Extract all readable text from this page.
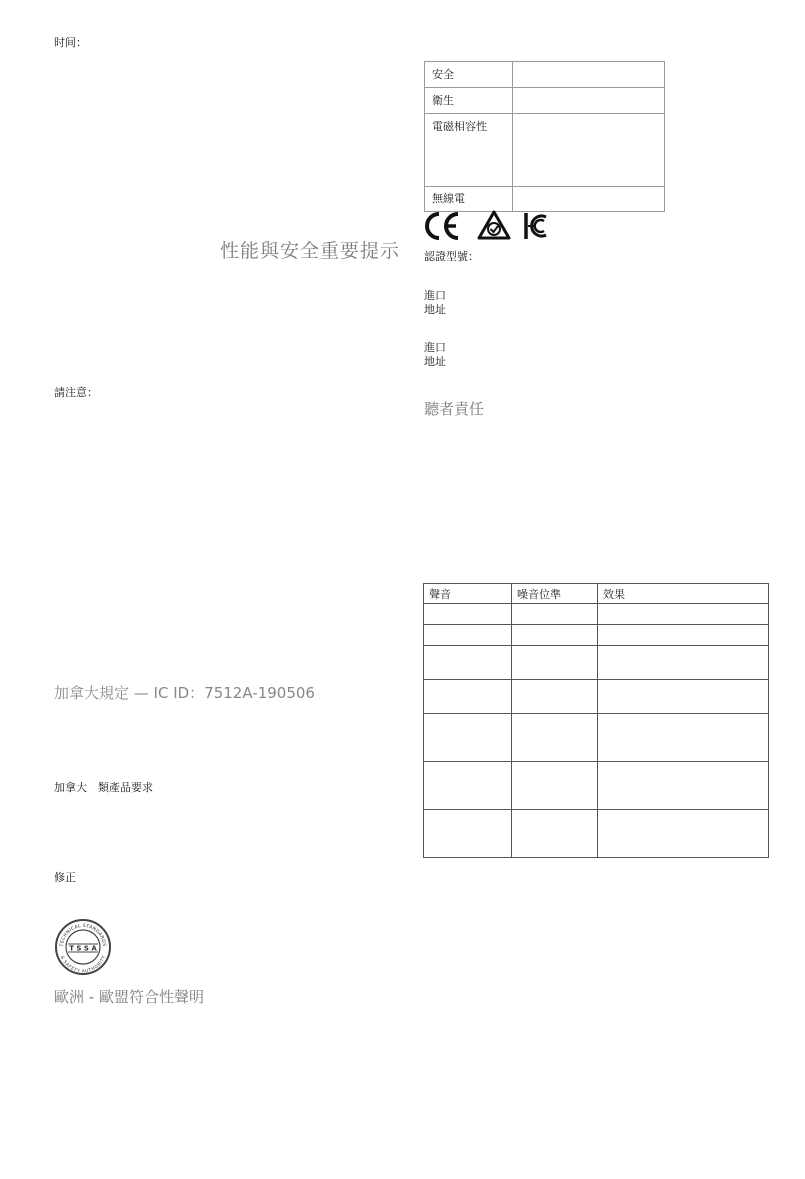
时间：
性能與安全重要提示
請注意：
加拿大規定 — IC ID：7512A-190506
加拿大　類產品要求
修正
TECHNICAL STANDARDS
& SAFETY AUTHORITY
T S S A
歐洲 - 歐盟符合性聲明
安全	
衛生	
電磁相容性	
無線電	
認證型號：
進口
地址
進口
地址
聽者責任
聲音	噪音位準	效果
